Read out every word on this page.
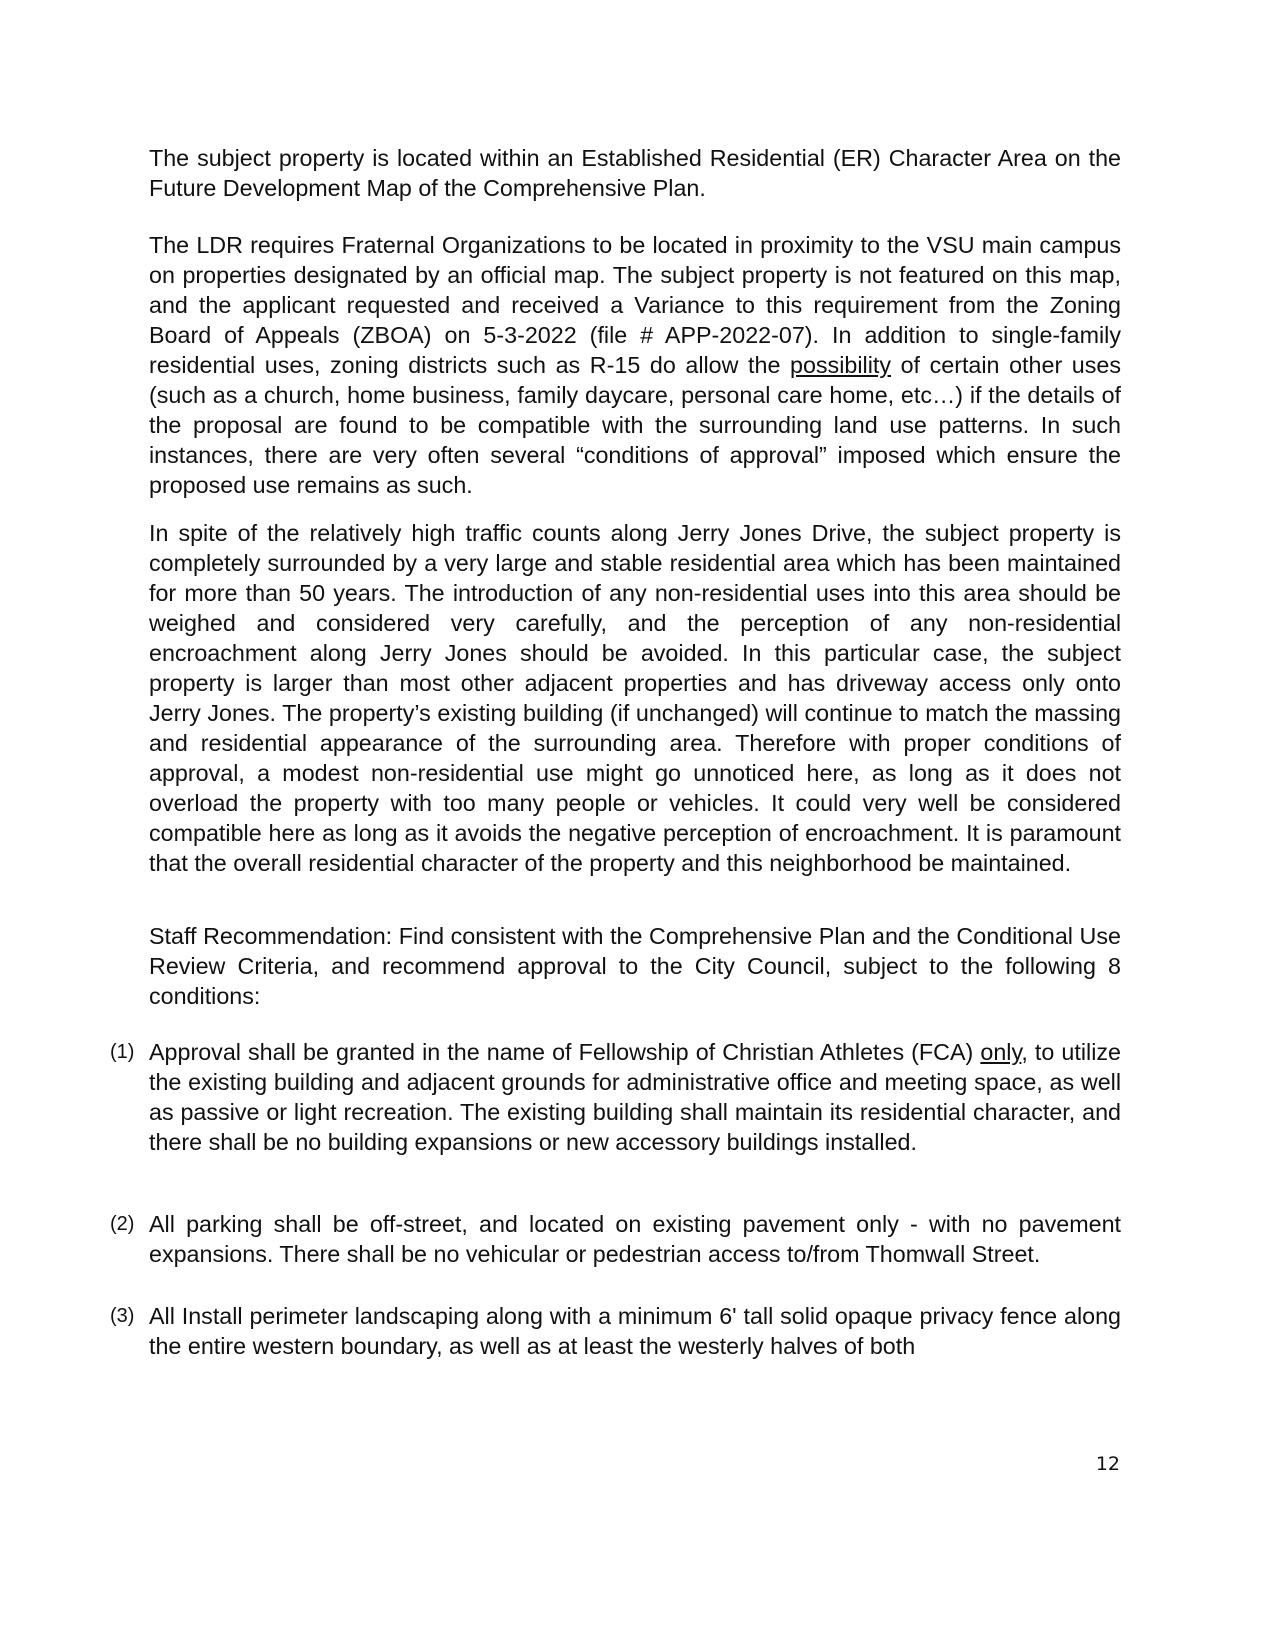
The subject property is located within an Established Residential (ER) Character Area on the Future Development Map of the Comprehensive Plan.

The LDR requires Fraternal Organizations to be located in proximity to the VSU main campus on properties designated by an official map. The subject property is not featured on this map, and the applicant requested and received a Variance to this requirement from the Zoning Board of Appeals (ZBOA) on 5-3-2022 (file # APP-2022-07). In addition to single-family residential uses, zoning districts such as R-15 do allow the possibility of certain other uses (such as a church, home business, family daycare, personal care home, etc…) if the details of the proposal are found to be compatible with the surrounding land use patterns. In such instances, there are very often several “conditions of approval” imposed which ensure the proposed use remains as such.

In spite of the relatively high traffic counts along Jerry Jones Drive, the subject property is completely surrounded by a very large and stable residential area which has been maintained for more than 50 years. The introduction of any non-residential uses into this area should be weighed and considered very carefully, and the perception of any non-residential encroachment along Jerry Jones should be avoided. In this particular case, the subject property is larger than most other adjacent properties and has driveway access only onto Jerry Jones. The property’s existing building (if unchanged) will continue to match the massing and residential appearance of the surrounding area. Therefore with proper conditions of approval, a modest non-residential use might go unnoticed here, as long as it does not overload the property with too many people or vehicles. It could very well be considered compatible here as long as it avoids the negative perception of encroachment. It is paramount that the overall residential character of the property and this neighborhood be maintained.

Staff Recommendation: Find consistent with the Comprehensive Plan and the Conditional Use Review Criteria, and recommend approval to the City Council, subject to the following 8 conditions:

(1) Approval shall be granted in the name of Fellowship of Christian Athletes (FCA) only, to utilize the existing building and adjacent grounds for administrative office and meeting space, as well as passive or light recreation. The existing building shall maintain its residential character, and there shall be no building expansions or new accessory buildings installed.
(2) All parking shall be off-street, and located on existing pavement only - with no pavement expansions. There shall be no vehicular or pedestrian access to/from Thomwall Street.
(3) All Install perimeter landscaping along with a minimum 6' tall solid opaque privacy fence along the entire western boundary, as well as at least the westerly halves of both
12
